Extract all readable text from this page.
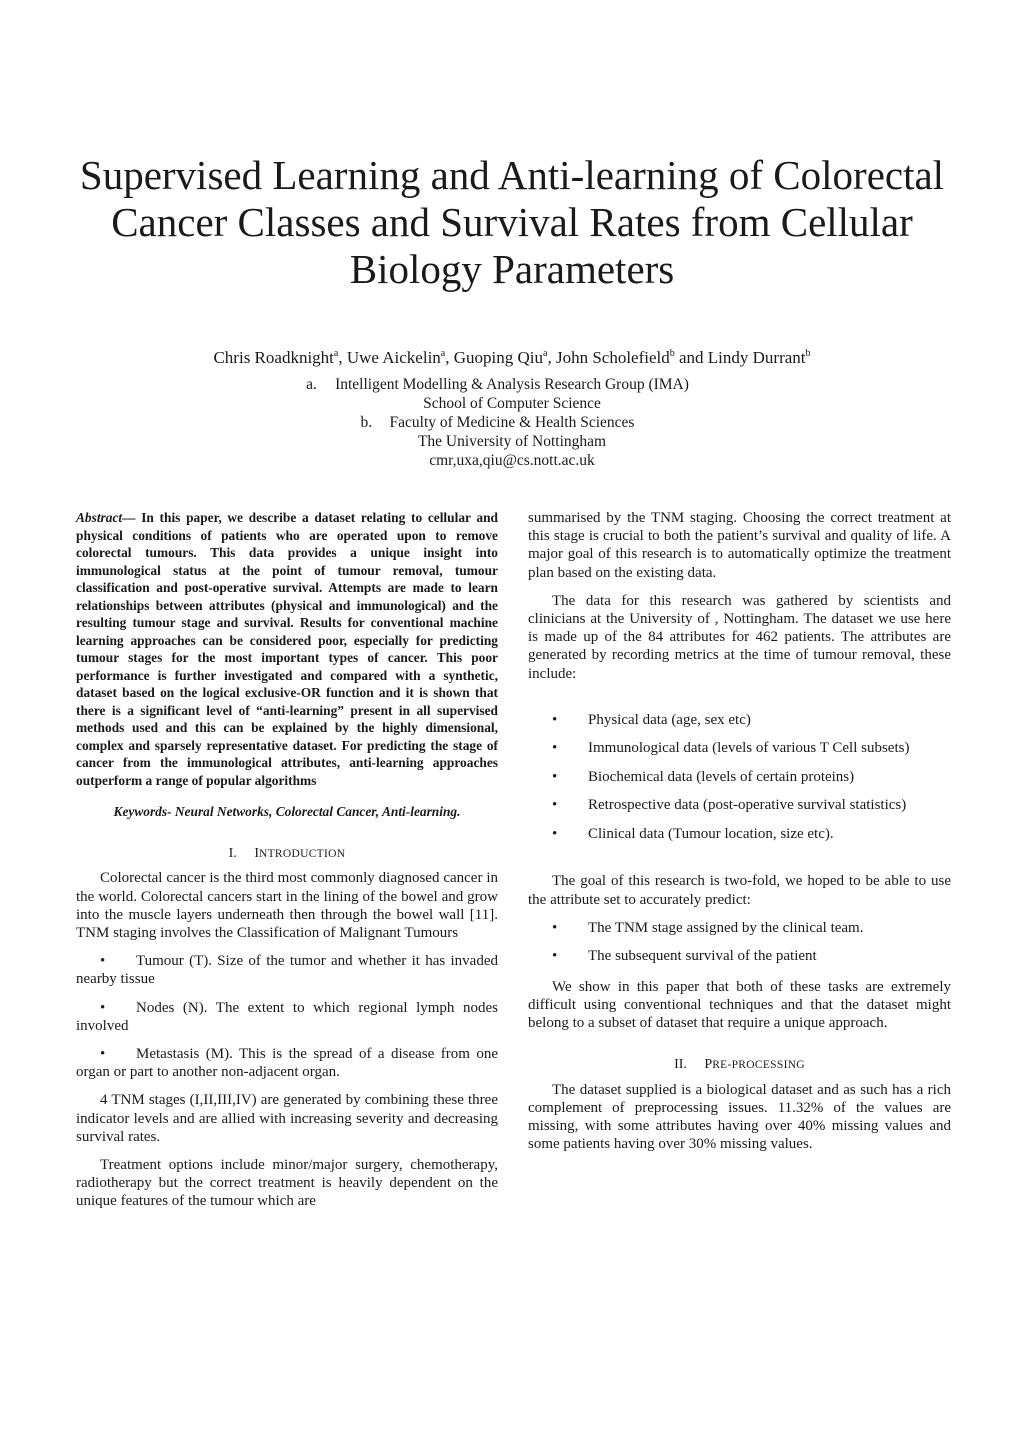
Supervised Learning and Anti-learning of Colorectal Cancer Classes and Survival Rates from Cellular Biology Parameters
Chris Roadknight$^a$, Uwe Aickelin$^a$, Guoping Qiu$^a$, John Scholefield$^b$ and Lindy Durrant$^b$
a. Intelligent Modelling & Analysis Research Group (IMA)
School of Computer Science
b. Faculty of Medicine & Health Sciences
The University of Nottingham
cmr,uxa,qiu@cs.nott.ac.uk

Abstract— In this paper, we describe a dataset relating to cellular and physical conditions of patients who are operated upon to remove colorectal tumours. This data provides a unique insight into immunological status at the point of tumour removal, tumour classification and post-operative survival. Attempts are made to learn relationships between attributes (physical and immunological) and the resulting tumour stage and survival. Results for conventional machine learning approaches can be considered poor, especially for predicting tumour stages for the most important types of cancer. This poor performance is further investigated and compared with a synthetic, dataset based on the logical exclusive-OR function and it is shown that there is a significant level of “anti-learning” present in all supervised methods used and this can be explained by the highly dimensional, complex and sparsely representative dataset. For predicting the stage of cancer from the immunological attributes, anti-learning approaches outperform a range of popular algorithms

Keywords- Neural Networks, Colorectal Cancer, Anti-learning.

I. INTRODUCTION

Colorectal cancer is the third most commonly diagnosed cancer in the world. Colorectal cancers start in the lining of the bowel and grow into the muscle layers underneath then through the bowel wall [11]. TNM staging involves the Classification of Malignant Tumours

• Tumour (T). Size of the tumor and whether it has invaded nearby tissue

• Nodes (N). The extent to which regional lymph nodes involved

• Metastasis (M). This is the spread of a disease from one organ or part to another non-adjacent organ.

4 TNM stages (I,II,III,IV) are generated by combining these three indicator levels and are allied with increasing severity and decreasing survival rates.

Treatment options include minor/major surgery, chemotherapy, radiotherapy but the correct treatment is heavily dependent on the unique features of the tumour which are

summarised by the TNM staging. Choosing the correct treatment at this stage is crucial to both the patient’s survival and quality of life. A major goal of this research is to automatically optimize the treatment plan based on the existing data.

The data for this research was gathered by scientists and clinicians at the University of , Nottingham. The dataset we use here is made up of the 84 attributes for 462 patients. The attributes are generated by recording metrics at the time of tumour removal, these include:

• Physical data (age, sex etc)
• Immunological data (levels of various T Cell subsets)
• Biochemical data (levels of certain proteins)
• Retrospective data (post-operative survival statistics)
• Clinical data (Tumour location, size etc).

The goal of this research is two-fold, we hoped to be able to use the attribute set to accurately predict:

• The TNM stage assigned by the clinical team.
• The subsequent survival of the patient

We show in this paper that both of these tasks are extremely difficult using conventional techniques and that the dataset might belong to a subset of dataset that require a unique approach.

II. PRE-PROCESSING

The dataset supplied is a biological dataset and as such has a rich complement of preprocessing issues. 11.32% of the values are missing, with some attributes having over 40% missing values and some patients having over 30% missing values.
